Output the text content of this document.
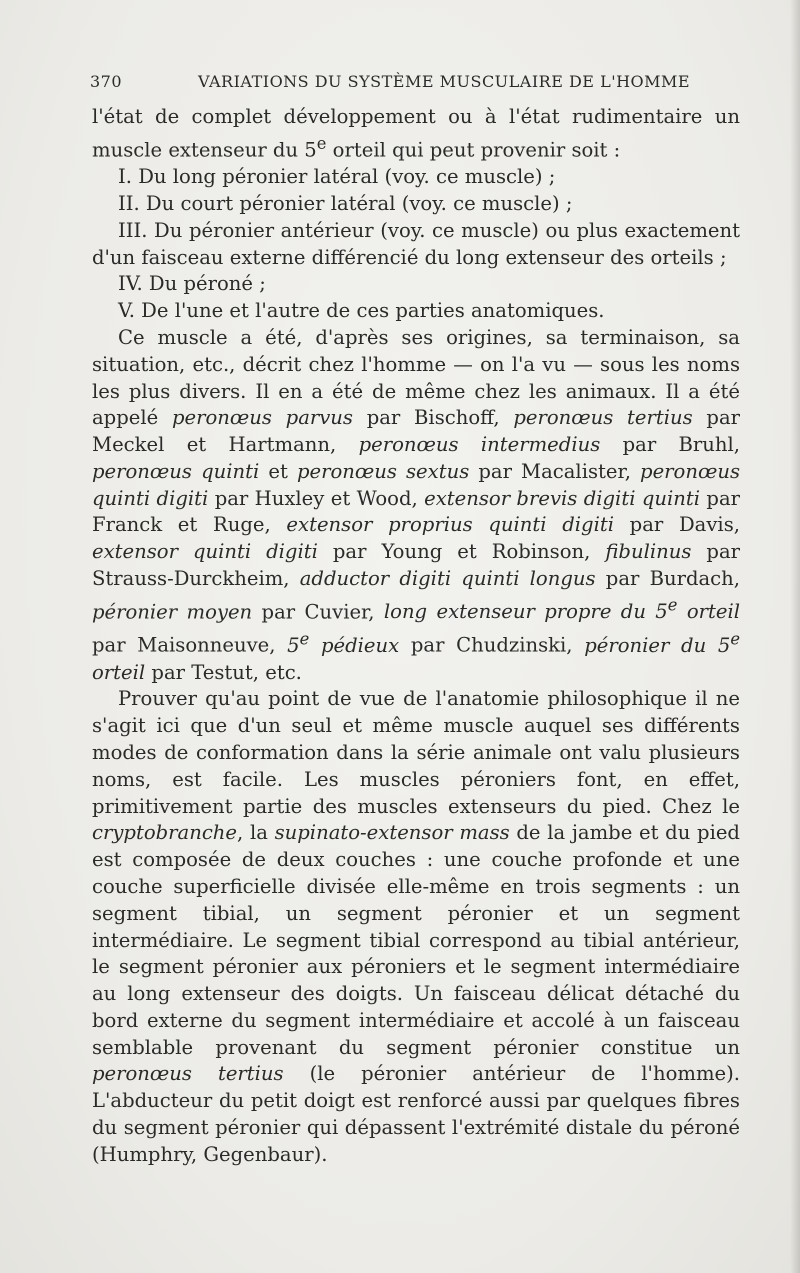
370	VARIATIONS DU SYSTÈME MUSCULAIRE DE L'HOMME

l'état de complet développement ou à l'état rudimentaire un muscle extenseur du 5e orteil qui peut provenir soit :

I. Du long péronier latéral (voy. ce muscle) ;

II. Du court péronier latéral (voy. ce muscle) ;

III. Du péronier antérieur (voy. ce muscle) ou plus exactement d'un faisceau externe différencié du long extenseur des orteils ;

IV. Du péroné ;

V. De l'une et l'autre de ces parties anatomiques.

Ce muscle a été, d'après ses origines, sa terminaison, sa situation, etc., décrit chez l'homme — on l'a vu — sous les noms les plus divers. Il en a été de même chez les animaux. Il a été appelé peronœus parvus par Bischoff, peronœus tertius par Meckel et Hartmann, peronœus intermedius par Bruhl, peronœus quinti et peronœus sextus par Macalister, peronœus quinti digiti par Huxley et Wood, extensor brevis digiti quinti par Franck et Ruge, extensor proprius quinti digiti par Davis, extensor quinti digiti par Young et Robinson, fibulinus par Strauss-Durckheim, adductor digiti quinti longus par Burdach, péronier moyen par Cuvier, long extenseur propre du 5e orteil par Maisonneuve, 5e pédieux par Chudzinski, péronier du 5e orteil par Testut, etc.

Prouver qu'au point de vue de l'anatomie philosophique il ne s'agit ici que d'un seul et même muscle auquel ses différents modes de conformation dans la série animale ont valu plusieurs noms, est facile. Les muscles péroniers font, en effet, primitivement partie des muscles extenseurs du pied. Chez le cryptobranche, la supinato-extensor mass de la jambe et du pied est composée de deux couches : une couche profonde et une couche superficielle divisée elle-même en trois segments : un segment tibial, un segment péronier et un segment intermédiaire. Le segment tibial correspond au tibial antérieur, le segment péronier aux péroniers et le segment intermédiaire au long extenseur des doigts. Un faisceau délicat détaché du bord externe du segment intermédiaire et accolé à un faisceau semblable provenant du segment péronier constitue un peronœus tertius (le péronier antérieur de l'homme). L'abducteur du petit doigt est renforcé aussi par quelques fibres du segment péronier qui dépassent l'extrémité distale du péroné (Humphry, Gegenbaur).
